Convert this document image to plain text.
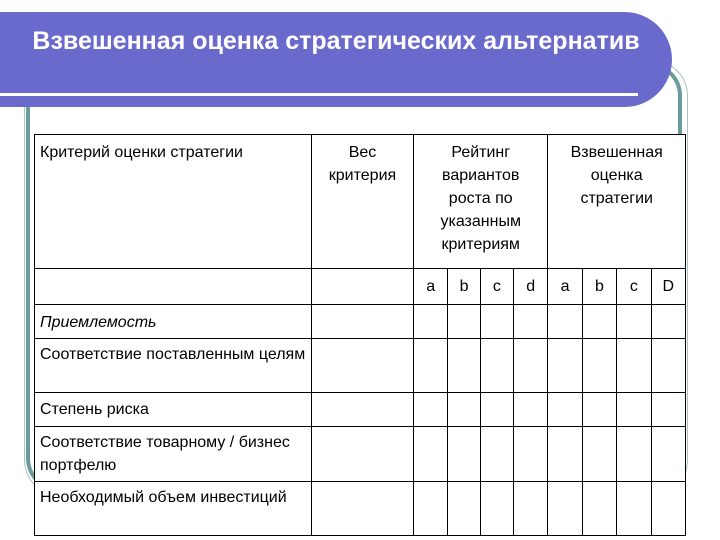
Взвешенная оценка стратегических альтернатив
Критерий оценки стратегии	Вес критерия	Рейтинг вариантов роста по указанным критериям				Взвешенная оценка стратегии			
		a	b	c	d	a	b	c	D
Приемлемость									
Соответствие поставленным целям									
Степень риска									
Соответствие товарному / бизнес портфелю									
Необходимый объем инвестиций									
